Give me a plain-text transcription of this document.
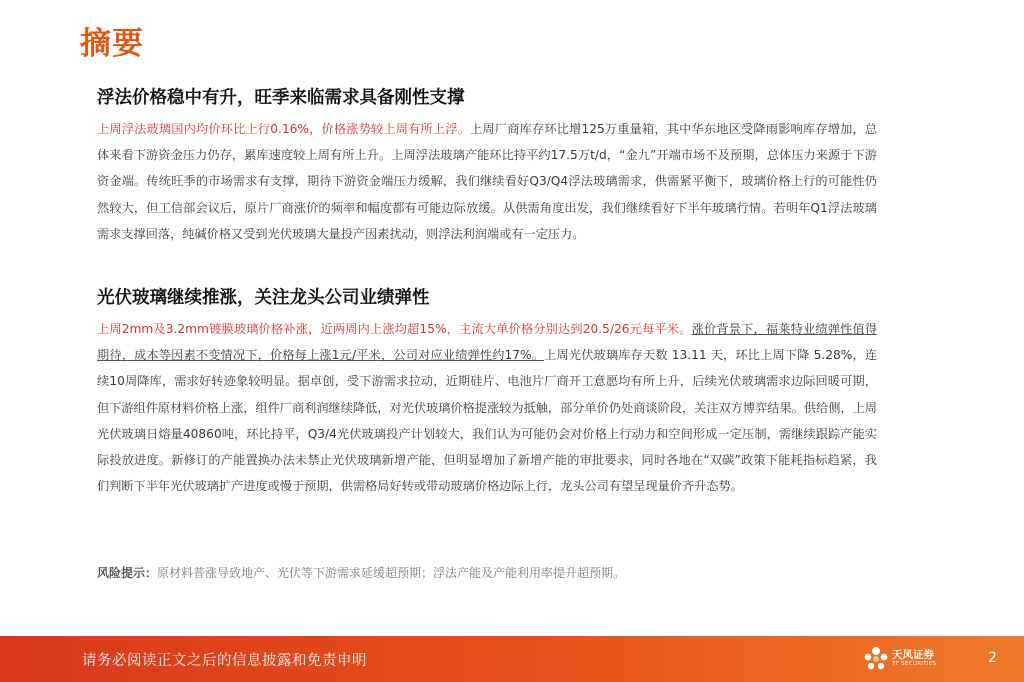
摘要
浮法价格稳中有升，旺季来临需求具备刚性支撑

上周浮法玻璃国内均价环比上行0.16%，价格涨势较上周有所上浮。上周厂商库存环比增125万重量箱，其中华东地区受降雨影响库存增加，总体来看下游资金压力仍存，累库速度较上周有所上升。上周浮法玻璃产能环比持平约17.5万t/d，“金九”开端市场不及预期，总体压力来源于下游资金端。传统旺季的市场需求有支撑，期待下游资金端压力缓解，我们继续看好Q3/Q4浮法玻璃需求，供需紧平衡下，玻璃价格上行的可能性仍然较大，但工信部会议后，原片厂商涨价的频率和幅度都有可能边际放缓。从供需角度出发，我们继续看好下半年玻璃行情。若明年Q1浮法玻璃需求支撑回落，纯碱价格又受到光伏玻璃大量投产因素扰动，则浮法利润端或有一定压力。

光伏玻璃继续推涨，关注龙头公司业绩弹性

上周2mm及3.2mm镀膜玻璃价格补涨，近两周内上涨均超15%，主流大单价格分别达到20.5/26元每平米。涨价背景下，福莱特业绩弹性值得期待，成本等因素不变情况下，价格每上涨1元/平米，公司对应业绩弹性约17%。上周光伏玻璃库存天数 13.11 天，环比上周下降 5.28%，连续10周降库，需求好转迹象较明显。据卓创，受下游需求拉动，近期硅片、电池片厂商开工意愿均有所上升，后续光伏玻璃需求边际回暖可期，但下游组件原材料价格上涨，组件厂商利润继续降低，对光伏玻璃价格提涨较为抵触，部分单价仍处商谈阶段，关注双方博弈结果。供给侧，上周光伏玻璃日熔量40860吨，环比持平，Q3/4光伏玻璃投产计划较大，我们认为可能仍会对价格上行动力和空间形成一定压制，需继续跟踪产能实际投放进度。新修订的产能置换办法未禁止光伏玻璃新增产能，但明显增加了新增产能的审批要求，同时各地在“双碳”政策下能耗指标趋紧，我们判断下半年光伏玻璃扩产进度或慢于预期，供需格局好转或带动玻璃价格边际上行，龙头公司有望呈现量价齐升态势。

风险提示：原材料普涨导致地产、光伏等下游需求延缓超预期；浮法产能及产能利用率提升超预期。
请务必阅读正文之后的信息披露和免责申明	天风证券
TF SECURITIES	2
